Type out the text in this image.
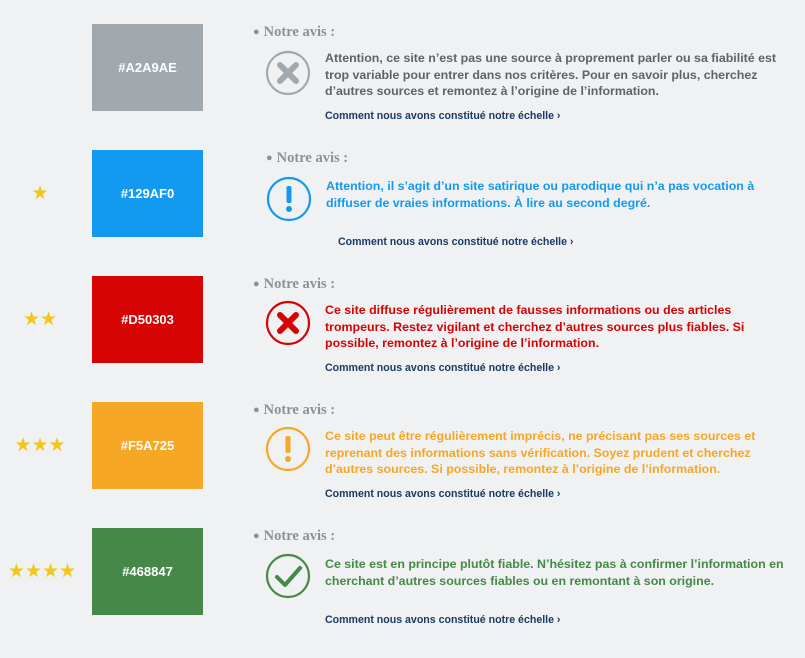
#A2A9AE
● Notre avis :
Attention, ce site n’est pas une source à proprement parler ou sa fiabilité est trop variable pour entrer dans nos critères. Pour en savoir plus, cherchez d’autres sources et remontez à l’origine de l’information.
Comment nous avons constitué notre échelle ›
★	#129AF0
● Notre avis :
Attention, il s’agit d’un site satirique ou parodique qui n’a pas vocation à diffuser de vraies informations. À lire au second degré.
Comment nous avons constitué notre échelle ›
★★	#D50303
● Notre avis :
Ce site diffuse régulièrement de fausses informations ou des articles trompeurs. Restez vigilant et cherchez d’autres sources plus fiables. Si possible, remontez à l’origine de l’information.
Comment nous avons constitué notre échelle ›
★★★	#F5A725
● Notre avis :
Ce site peut être régulièrement imprécis, ne précisant pas ses sources et reprenant des informations sans vérification. Soyez prudent et cherchez d’autres sources. Si possible, remontez à l’origine de l’information.
Comment nous avons constitué notre échelle ›
★★★★	#468847
● Notre avis :
Ce site est en principe plutôt fiable. N’hésitez pas à confirmer l’information en cherchant d’autres sources fiables ou en remontant à son origine.
Comment nous avons constitué notre échelle ›
